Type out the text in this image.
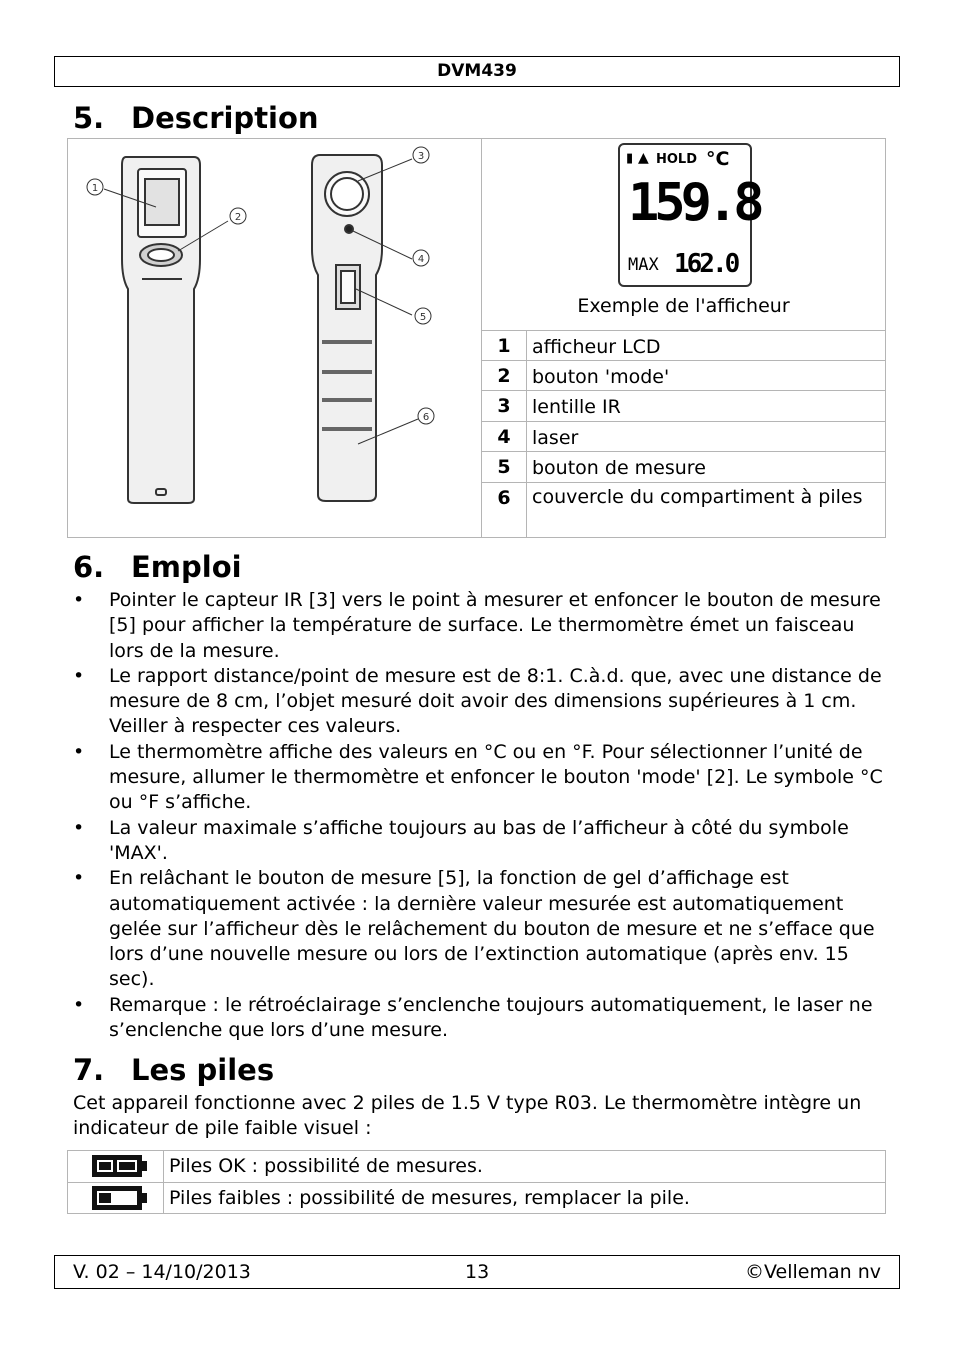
DVM439
5. Description
1
2
3
4
5
6
▮ ▲ HOLD °C
159.8
MAX 162.0
Exemple de l'afficheur
1	afficheur LCD
2	bouton 'mode'
3	lentille IR
4	laser
5	bouton de mesure
6	couvercle du compartiment à piles
6. Emploi
• Pointer le capteur IR [3] vers le point à mesurer et enfoncer le bouton de mesure [5] pour afficher la température de surface. Le thermomètre émet un faisceau lors de la mesure.
• Le rapport distance/point de mesure est de 8:1. C.à.d. que, avec une distance de mesure de 8 cm, l’objet mesuré doit avoir des dimensions supérieures à 1 cm. Veiller à respecter ces valeurs.
• Le thermomètre affiche des valeurs en °C ou en °F. Pour sélectionner l’unité de mesure, allumer le thermomètre et enfoncer le bouton 'mode' [2]. Le symbole °C ou °F s’affiche.
• La valeur maximale s’affiche toujours au bas de l’afficheur à côté du symbole 'MAX'.
• En relâchant le bouton de mesure [5], la fonction de gel d’affichage est automatiquement activée : la dernière valeur mesurée est automatiquement gelée sur l’afficheur dès le relâchement du bouton de mesure et ne s’efface que lors d’une nouvelle mesure ou lors de l’extinction automatique (après env. 15 sec).
• Remarque : le rétroéclairage s’enclenche toujours automatiquement, le laser ne s’enclenche que lors d’une mesure.
7. Les piles
Cet appareil fonctionne avec 2 piles de 1.5 V type R03. Le thermomètre intègre un indicateur de pile faible visuel :
Piles OK : possibilité de mesures.
Piles faibles : possibilité de mesures, remplacer la pile.
V. 02 – 14/10/2013	13	©Velleman nv
